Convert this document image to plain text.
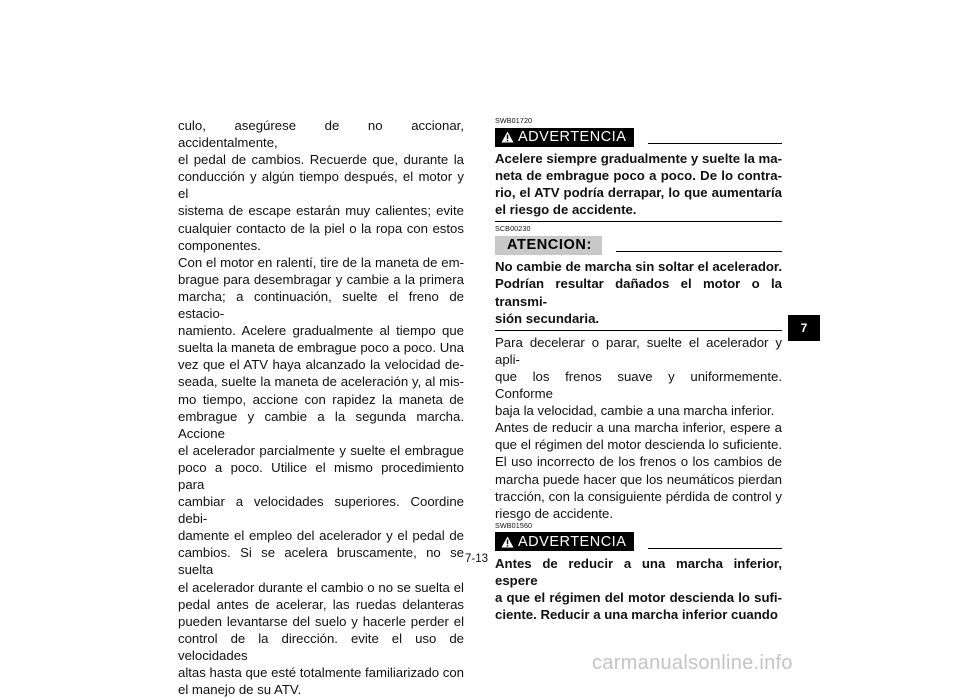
culo, asegúrese de no accionar, accidentalmente,
el pedal de cambios. Recuerde que, durante la
conducción y algún tiempo después, el motor y el
sistema de escape estarán muy calientes; evite
cualquier contacto de la piel o la ropa con estos
componentes.
Con el motor en ralentí, tire de la maneta de em-
brague para desembragar y cambie a la primera
marcha; a continuación, suelte el freno de estacio-
namiento. Acelere gradualmente al tiempo que
suelta la maneta de embrague poco a poco. Una
vez que el ATV haya alcanzado la velocidad de-
seada, suelte la maneta de aceleración y, al mis-
mo tiempo, accione con rapidez la maneta de
embrague y cambie a la segunda marcha. Accione
el acelerador parcialmente y suelte el embrague
poco a poco. Utilice el mismo procedimiento para
cambiar a velocidades superiores. Coordine debi-
damente el empleo del acelerador y el pedal de
cambios. Si se acelera bruscamente, no se suelta
el acelerador durante el cambio o no se suelta el
pedal antes de acelerar, las ruedas delanteras
pueden levantarse del suelo y hacerle perder el
control de la dirección. evite el uso de velocidades
altas hasta que esté totalmente familiarizado con
el manejo de su ATV.

SWB01720
ADVERTENCIA
Acelere siempre gradualmente y suelte la ma-
neta de embrague poco a poco. De lo contra-
rio, el ATV podría derrapar, lo que aumentaría
el riesgo de accidente.
SCB00230
ATENCION:
No cambie de marcha sin soltar el acelerador.
Podrían resultar dañados el motor o la transmi-
sión secundaria.

Para decelerar o parar, suelte el acelerador y apli-
que los frenos suave y uniformemente. Conforme
baja la velocidad, cambie a una marcha inferior.
Antes de reducir a una marcha inferior, espere a
que el régimen del motor descienda lo suficiente.
El uso incorrecto de los frenos o los cambios de
marcha puede hacer que los neumáticos pierdan
tracción, con la consiguiente pérdida de control y
riesgo de accidente.

SWB01560
ADVERTENCIA
Antes de reducir a una marcha inferior, espere
a que el régimen del motor descienda lo sufi-
ciente. Reducir a una marcha inferior cuando
7-13
7
carmanualsonline.info
